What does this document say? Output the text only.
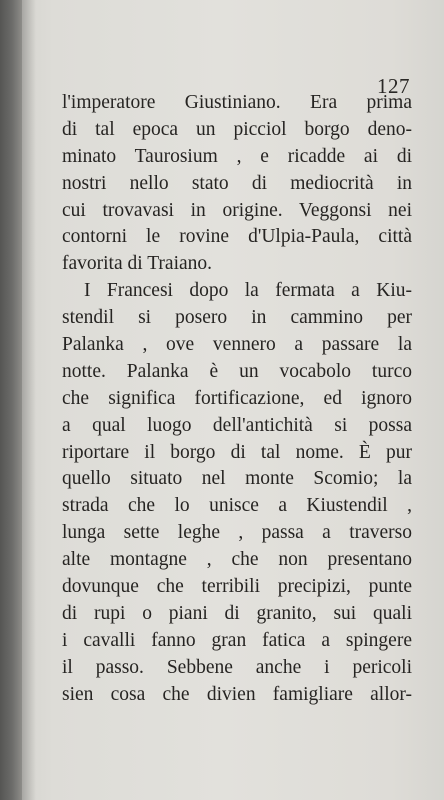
127
l'imperatore Giustiniano. Era prima
di tal epoca un picciol borgo deno-
minato Taurosium , e ricadde ai di
nostri nello stato di mediocrità in
cui trovavasi in origine. Veggonsi nei
contorni le rovine d'Ulpia-Paula, città
favorita di Traiano.
I Francesi dopo la fermata a Kiu-
stendil si posero in cammino per
Palanka , ove vennero a passare la
notte. Palanka è un vocabolo turco
che significa fortificazione, ed ignoro
a qual luogo dell'antichità si possa
riportare il borgo di tal nome. È pur
quello situato nel monte Scomio; la
strada che lo unisce a Kiustendil ,
lunga sette leghe , passa a traverso
alte montagne , che non presentano
dovunque che terribili precipizi, punte
di rupi o piani di granito, sui quali
i cavalli fanno gran fatica a spingere
il passo. Sebbene anche i pericoli
sien cosa che divien famigliare allor-
